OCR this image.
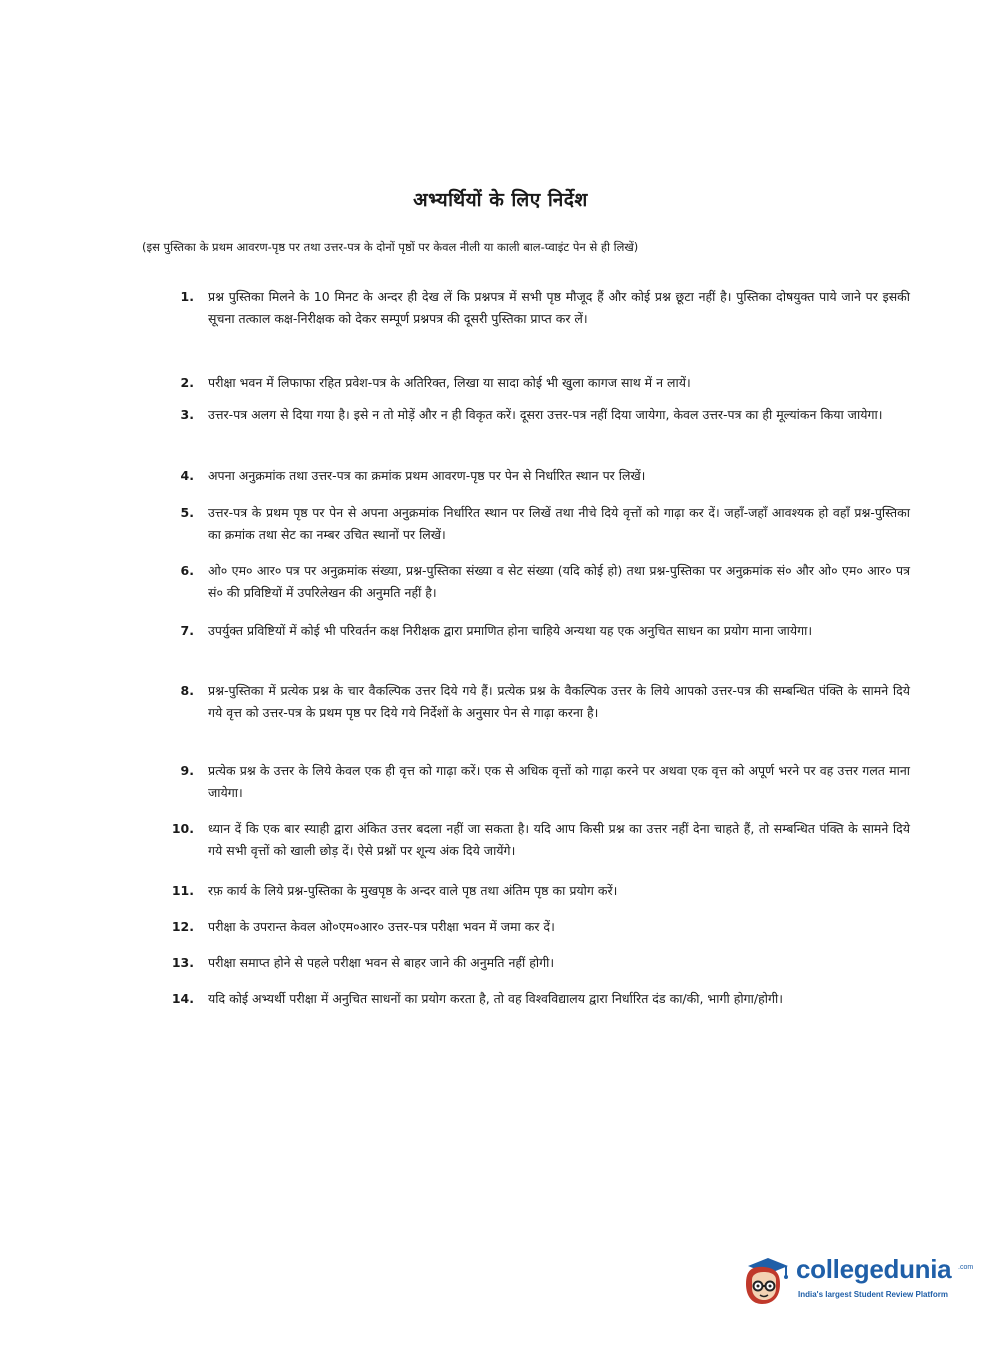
अभ्यर्थियों के लिए निर्देश
(इस पुस्तिका के प्रथम आवरण-पृष्ठ पर तथा उत्तर-पत्र के दोनों पृष्ठों पर केवल नीली या काली बाल-प्वाइंट पेन से ही लिखें)
1.	प्रश्न पुस्तिका मिलने के 10 मिनट के अन्दर ही देख लें कि प्रश्नपत्र में सभी पृष्ठ मौजूद हैं और कोई प्रश्न छूटा नहीं है। पुस्तिका दोषयुक्त पाये जाने पर इसकी सूचना तत्काल कक्ष-निरीक्षक को देकर सम्पूर्ण प्रश्नपत्र की दूसरी पुस्तिका प्राप्त कर लें।
2.	परीक्षा भवन में लिफाफा रहित प्रवेश-पत्र के अतिरिक्त, लिखा या सादा कोई भी खुला कागज साथ में न लायें।
3.	उत्तर-पत्र अलग से दिया गया है। इसे न तो मोड़ें और न ही विकृत करें। दूसरा उत्तर-पत्र नहीं दिया जायेगा, केवल उत्तर-पत्र का ही मूल्यांकन किया जायेगा।
4.	अपना अनुक्रमांक तथा उत्तर-पत्र का क्रमांक प्रथम आवरण-पृष्ठ पर पेन से निर्धारित स्थान पर लिखें।
5.	उत्तर-पत्र के प्रथम पृष्ठ पर पेन से अपना अनुक्रमांक निर्धारित स्थान पर लिखें तथा नीचे दिये वृत्तों को गाढ़ा कर दें। जहाँ-जहाँ आवश्यक हो वहाँ प्रश्न-पुस्तिका का क्रमांक तथा सेट का नम्बर उचित स्थानों पर लिखें।
6.	ओ० एम० आर० पत्र पर अनुक्रमांक संख्या, प्रश्न-पुस्तिका संख्या व सेट संख्या (यदि कोई हो) तथा प्रश्न-पुस्तिका पर अनुक्रमांक सं० और ओ० एम० आर० पत्र सं० की प्रविष्टियों में उपरिलेखन की अनुमति नहीं है।
7.	उपर्युक्त प्रविष्टियों में कोई भी परिवर्तन कक्ष निरीक्षक द्वारा प्रमाणित होना चाहिये अन्यथा यह एक अनुचित साधन का प्रयोग माना जायेगा।
8.	प्रश्न-पुस्तिका में प्रत्येक प्रश्न के चार वैकल्पिक उत्तर दिये गये हैं। प्रत्येक प्रश्न के वैकल्पिक उत्तर के लिये आपको उत्तर-पत्र की सम्बन्धित पंक्ति के सामने दिये गये वृत्त को उत्तर-पत्र के प्रथम पृष्ठ पर दिये गये निर्देशों के अनुसार पेन से गाढ़ा करना है।
9.	प्रत्येक प्रश्न के उत्तर के लिये केवल एक ही वृत्त को गाढ़ा करें। एक से अधिक वृत्तों को गाढ़ा करने पर अथवा एक वृत्त को अपूर्ण भरने पर वह उत्तर गलत माना जायेगा।
10.	ध्यान दें कि एक बार स्याही द्वारा अंकित उत्तर बदला नहीं जा सकता है। यदि आप किसी प्रश्न का उत्तर नहीं देना चाहते हैं, तो सम्बन्धित पंक्ति के सामने दिये गये सभी वृत्तों को खाली छोड़ दें। ऐसे प्रश्नों पर शून्य अंक दिये जायेंगे।
11.	रफ़ कार्य के लिये प्रश्न-पुस्तिका के मुखपृष्ठ के अन्दर वाले पृष्ठ तथा अंतिम पृष्ठ का प्रयोग करें।
12.	परीक्षा के उपरान्त केवल ओ०एम०आर० उत्तर-पत्र परीक्षा भवन में जमा कर दें।
13.	परीक्षा समाप्त होने से पहले परीक्षा भवन से बाहर जाने की अनुमति नहीं होगी।
14.	यदि कोई अभ्यर्थी परीक्षा में अनुचित साधनों का प्रयोग करता है, तो वह विश्वविद्यालय द्वारा निर्धारित दंड का/की, भागी होगा/होगी।
collegedunia .com
India's largest Student Review Platform
